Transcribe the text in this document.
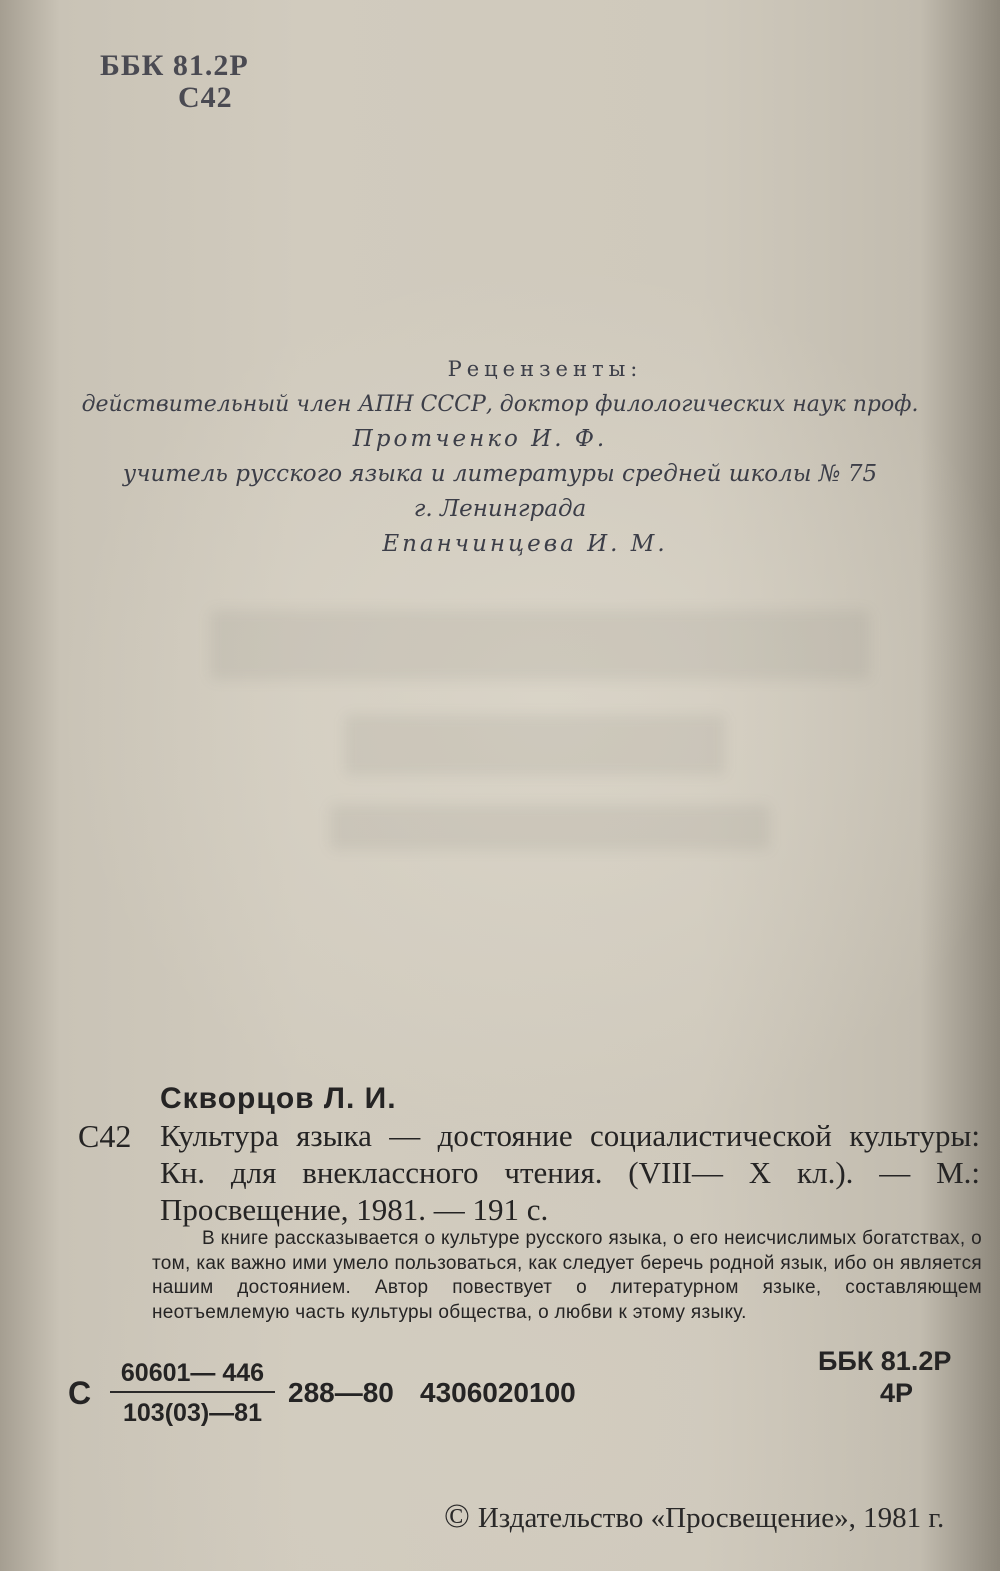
ББК 81.2Р
С42
Рецензенты:
действительный член АПН СССР, доктор филологических наук проф.
Протченко И. Ф.
учитель русского языка и литературы средней школы № 75
г. Ленинграда
Епанчинцева И. М.
Скворцов Л. И.
С42 Культура языка — достояние социалистической культуры: Кн. для внеклассного чтения. (VIII— Х кл.). — М.: Просвещение, 1981. — 191 с.
В книге рассказывается о культуре русского языка, о его неисчислимых богатствах, о том, как важно ими умело пользоваться, как следует беречь родной язык, ибо он является нашим достоянием. Автор повествует о литературном языке, составляющем неотъемлемую часть культуры общества, о любви к этому языку.
С $\frac{60601— 446}{103(03)—81}$ 288—80 4306020100
ББК 81.2Р
4Р
© Издательство «Просвещение», 1981 г.
